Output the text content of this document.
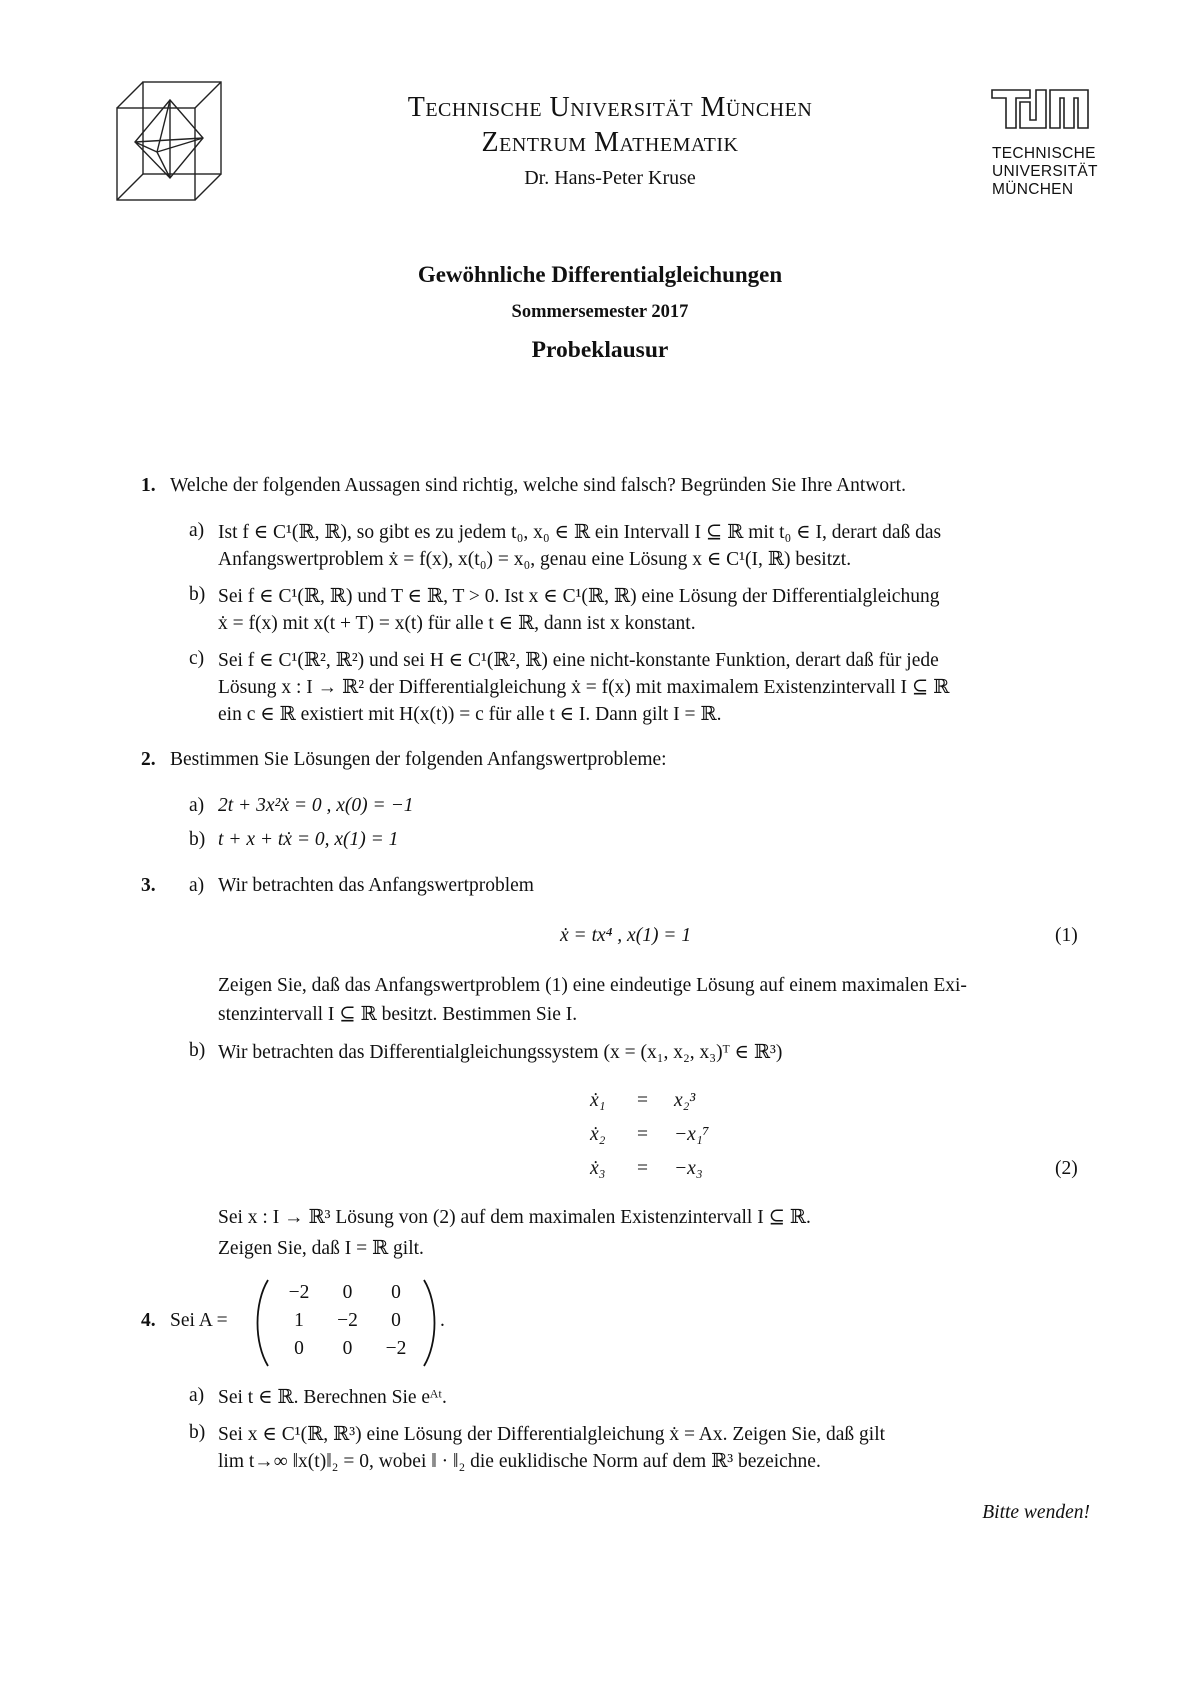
TECHNISCHE
UNIVERSITÄT
MÜNCHEN
Technische Universität München
Zentrum Mathematik
Dr. Hans-Peter Kruse
Gewöhnliche Differentialgleichungen
Sommersemester 2017
Probeklausur
1. Welche der folgenden Aussagen sind richtig, welche sind falsch? Begründen Sie Ihre Antwort.
a) Ist f ∈ C¹(ℝ, ℝ), so gibt es zu jedem t₀, x₀ ∈ ℝ ein Intervall I ⊆ ℝ mit t₀ ∈ I, derart daß das
Anfangswertproblem ẋ = f(x), x(t₀) = x₀, genau eine Lösung x ∈ C¹(I, ℝ) besitzt.
b) Sei f ∈ C¹(ℝ, ℝ) und T ∈ ℝ, T > 0. Ist x ∈ C¹(ℝ, ℝ) eine Lösung der Differentialgleichung
ẋ = f(x) mit x(t + T) = x(t) für alle t ∈ ℝ, dann ist x konstant.
c) Sei f ∈ C¹(ℝ², ℝ²) und sei H ∈ C¹(ℝ², ℝ) eine nicht-konstante Funktion, derart daß für jede
Lösung x : I → ℝ² der Differentialgleichung ẋ = f(x) mit maximalem Existenzintervall I ⊆ ℝ
ein c ∈ ℝ existiert mit H(x(t)) = c für alle t ∈ I. Dann gilt I = ℝ.
2. Bestimmen Sie Lösungen der folgenden Anfangswertprobleme:
a) 2t + 3x²ẋ = 0 , x(0) = −1
b) t + x + tẋ = 0, x(1) = 1
3. a) Wir betrachten das Anfangswertproblem
ẋ = tx⁴ , x(1) = 1	(1)
Zeigen Sie, daß das Anfangswertproblem (1) eine eindeutige Lösung auf einem maximalen Exi-
stenzintervall I ⊆ ℝ besitzt. Bestimmen Sie I.
b) Wir betrachten das Differentialgleichungssystem (x = (x₁, x₂, x₃)ᵀ ∈ ℝ³)
ẋ₁ = x₂³
ẋ₂ = −x₁⁷
ẋ₃ = −x₃	(2)
Sei x : I → ℝ³ Lösung von (2) auf dem maximalen Existenzintervall I ⊆ ℝ.
Zeigen Sie, daß I = ℝ gilt.
4. Sei A =
−2	0	0
1	−2	0
0	0	−2
.
a) Sei t ∈ ℝ. Berechnen Sie eᴬᵗ.
b) Sei x ∈ C¹(ℝ, ℝ³) eine Lösung der Differentialgleichung ẋ = Ax. Zeigen Sie, daß gilt
lim t→∞ ‖x(t)‖₂ = 0, wobei ‖ · ‖₂ die euklidische Norm auf dem ℝ³ bezeichne.
Bitte wenden!
